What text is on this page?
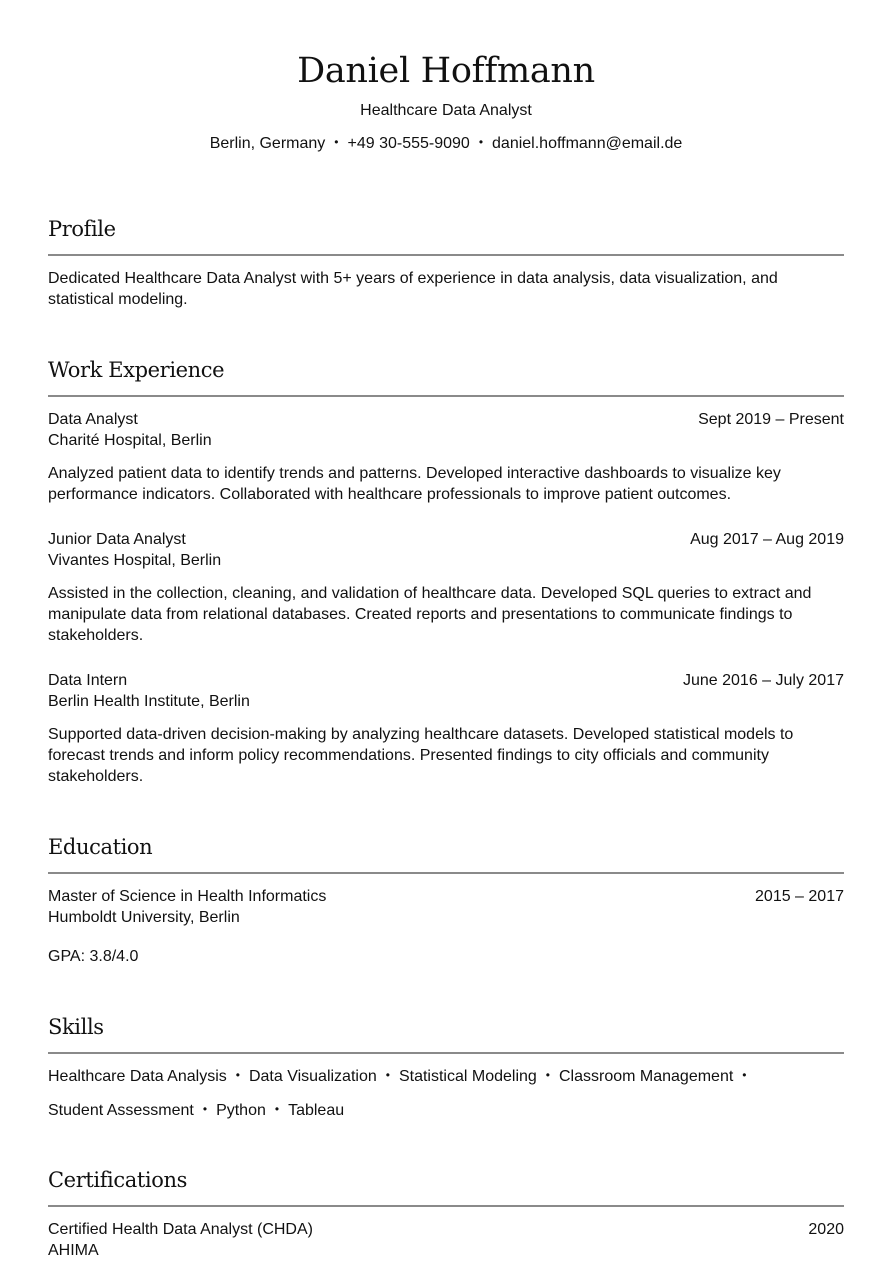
Daniel Hoffmann
Healthcare Data Analyst
Berlin, Germany • +49 30-555-9090 • daniel.hoffmann@email.de
Profile
Dedicated Healthcare Data Analyst with 5+ years of experience in data analysis, data visualization, and
statistical modeling.
Work Experience
Data Analyst	Sept 2019 – Present
Charité Hospital, Berlin
Analyzed patient data to identify trends and patterns. Developed interactive dashboards to visualize key
performance indicators. Collaborated with healthcare professionals to improve patient outcomes.
Junior Data Analyst	Aug 2017 – Aug 2019
Vivantes Hospital, Berlin
Assisted in the collection, cleaning, and validation of healthcare data. Developed SQL queries to extract and
manipulate data from relational databases. Created reports and presentations to communicate findings to
stakeholders.
Data Intern	June 2016 – July 2017
Berlin Health Institute, Berlin
Supported data-driven decision-making by analyzing healthcare datasets. Developed statistical models to
forecast trends and inform policy recommendations. Presented findings to city officials and community
stakeholders.
Education
Master of Science in Health Informatics	2015 – 2017
Humboldt University, Berlin
GPA: 3.8/4.0
Skills
Healthcare Data Analysis • Data Visualization • Statistical Modeling • Classroom Management •
Student Assessment • Python • Tableau
Certifications
Certified Health Data Analyst (CHDA)	2020
AHIMA
